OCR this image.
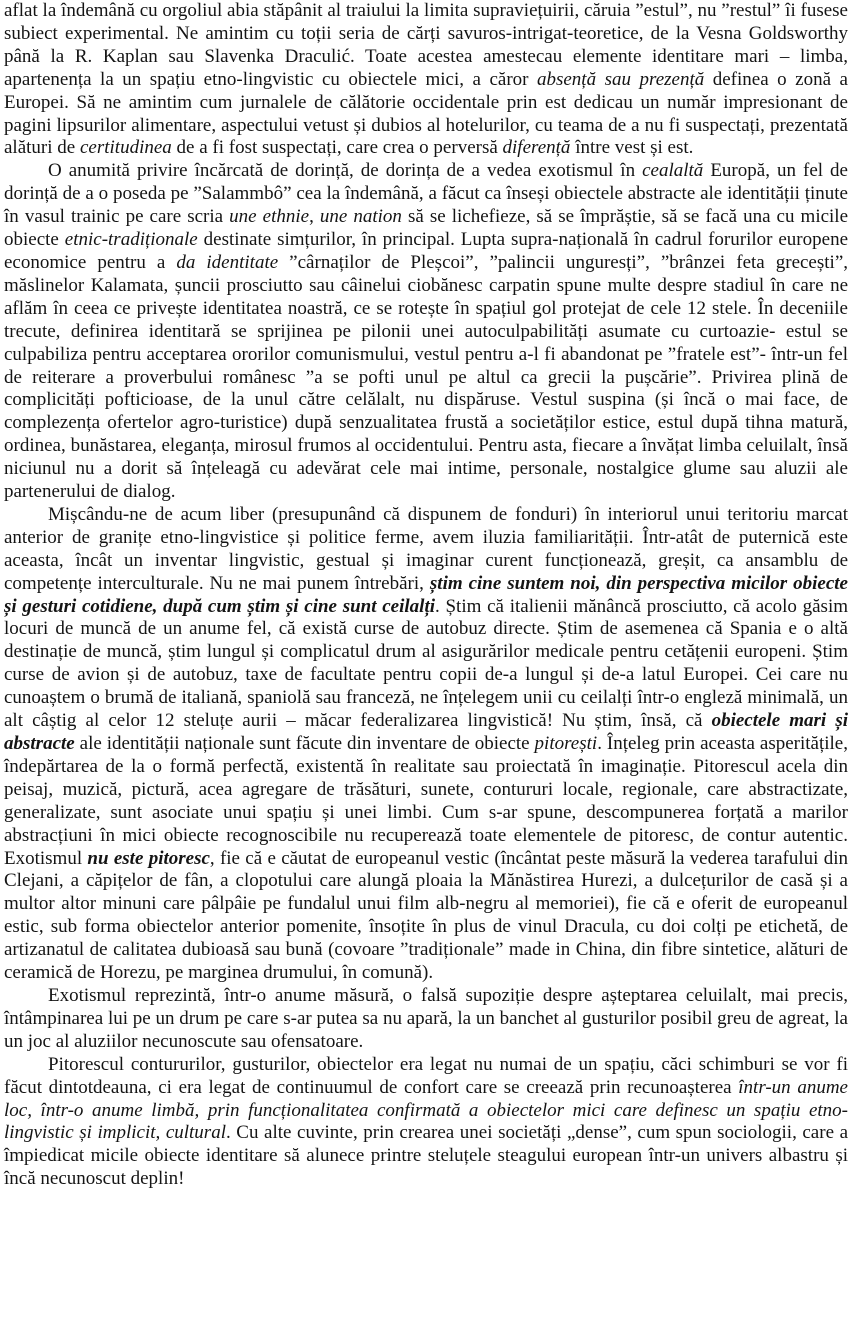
aflat la îndemână cu orgoliul abia stăpânit al traiului la limita supraviețuirii, căruia ”estul”, nu ”restul” îi fusese subiect experimental. Ne amintim cu toții seria de cărți savuros-intrigat-teoretice, de la Vesna Goldsworthy până la R. Kaplan sau Slavenka Draculić. Toate acestea amestecau elemente identitare mari – limba, apartenența la un spațiu etno-lingvistic cu obiectele mici, a căror absență sau prezență definea o zonă a Europei. Să ne amintim cum jurnalele de călătorie occidentale prin est dedicau un număr impresionant de pagini lipsurilor alimentare, aspectului vetust și dubios al hotelurilor, cu teama de a nu fi suspectați, prezentată alături de certitudinea de a fi fost suspectați, care crea o perversă diferență între vest și est.

O anumită privire încărcată de dorință, de dorința de a vedea exotismul în cealaltă Europă, un fel de dorință de a o poseda pe ”Salammbô” cea la îndemână, a făcut ca înseși obiectele abstracte ale identității ținute în vasul trainic pe care scria une ethnie, une nation să se lichefieze, să se împrăștie, să se facă una cu micile obiecte etnic-tradiționale destinate simțurilor, în principal. Lupta supra-națională în cadrul forurilor europene economice pentru a da identitate ”cârnaților de Pleșcoi”, ”palincii unguresți”, ”brânzei feta grecești”, măslinelor Kalamata, șuncii prosciutto sau câinelui ciobănesc carpatin spune multe despre stadiul în care ne aflăm în ceea ce privește identitatea noastră, ce se rotește în spațiul gol protejat de cele 12 stele. În deceniile trecute, definirea identitară se sprijinea pe pilonii unei autoculpabilități asumate cu curtoazie- estul se culpabiliza pentru acceptarea ororilor comunismului, vestul pentru a-l fi abandonat pe ”fratele est”- într-un fel de reiterare a proverbului românesc ”a se pofti unul pe altul ca grecii la pușcărie”. Privirea plină de complicități pofticioase, de la unul către celălalt, nu dispăruse. Vestul suspina (și încă o mai face, de complezența ofertelor agro-turistice) după senzualitatea frustă a societăților estice, estul după tihna matură, ordinea, bunăstarea, eleganța, mirosul frumos al occidentului. Pentru asta, fiecare a învățat limba celuilalt, însă niciunul nu a dorit să înțeleagă cu adevărat cele mai intime, personale, nostalgice glume sau aluzii ale partenerului de dialog.

Mișcându-ne de acum liber (presupunând că dispunem de fonduri) în interiorul unui teritoriu marcat anterior de granițe etno-lingvistice și politice ferme, avem iluzia familiarității. Într-atât de puternică este aceasta, încât un inventar lingvistic, gestual și imaginar curent funcționează, greșit, ca ansamblu de competențe interculturale. Nu ne mai punem întrebări, știm cine suntem noi, din perspectiva micilor obiecte și gesturi cotidiene, după cum știm și cine sunt ceilalți. Știm că italienii mănâncă prosciutto, că acolo găsim locuri de muncă de un anume fel, că există curse de autobuz directe. Știm de asemenea că Spania e o altă destinație de muncă, știm lungul și complicatul drum al asigurărilor medicale pentru cetățenii europeni. Știm curse de avion și de autobuz, taxe de facultate pentru copii de-a lungul și de-a latul Europei. Cei care nu cunoaștem o brumă de italiană, spaniolă sau franceză, ne înțelegem unii cu ceilalți într-o engleză minimală, un alt câștig al celor 12 steluțe aurii – măcar federalizarea lingvistică! Nu știm, însă, că obiectele mari și abstracte ale identității naționale sunt făcute din inventare de obiecte pitorești. Înțeleg prin aceasta asperitățile, îndepărtarea de la o formă perfectă, existentă în realitate sau proiectată în imaginație. Pitorescul acela din peisaj, muzică, pictură, acea agregare de trăsături, sunete, contururi locale, regionale, care abstractizate, generalizate, sunt asociate unui spațiu și unei limbi. Cum s-ar spune, descompunerea forțată a marilor abstracțiuni în mici obiecte recognoscibile nu recuperează toate elementele de pitoresc, de contur autentic. Exotismul nu este pitoresc, fie că e căutat de europeanul vestic (încântat peste măsură la vederea tarafului din Clejani, a căpițelor de fân, a clopotului care alungă ploaia la Mănăstirea Hurezi, a dulcețurilor de casă și a multor altor minuni care pâlpâie pe fundalul unui film alb-negru al memoriei), fie că e oferit de europeanul estic, sub forma obiectelor anterior pomenite, însoțite în plus de vinul Dracula, cu doi colți pe etichetă, de artizanatul de calitatea dubioasă sau bună (covoare ”tradiționale” made in China, din fibre sintetice, alături de ceramică de Horezu, pe marginea drumului, în comună).

Exotismul reprezintă, într-o anume măsură, o falsă supoziție despre așteptarea celuilalt, mai precis, întâmpinarea lui pe un drum pe care s-ar putea sa nu apară, la un banchet al gusturilor posibil greu de agreat, la un joc al aluziilor necunoscute sau ofensatoare.

Pitorescul contururilor, gusturilor, obiectelor era legat nu numai de un spațiu, căci schimburi se vor fi făcut dintotdeauna, ci era legat de continuumul de confort care se creează prin recunoașterea într-un anume loc, într-o anume limbă, prin funcționalitatea confirmată a obiectelor mici care definesc un spațiu etno-lingvistic și implicit, cultural. Cu alte cuvinte, prin crearea unei societăți „dense”, cum spun sociologii, care a împiedicat micile obiecte identitare să alunece printre steluțele steagului european într-un univers albastru și încă necunoscut deplin!
